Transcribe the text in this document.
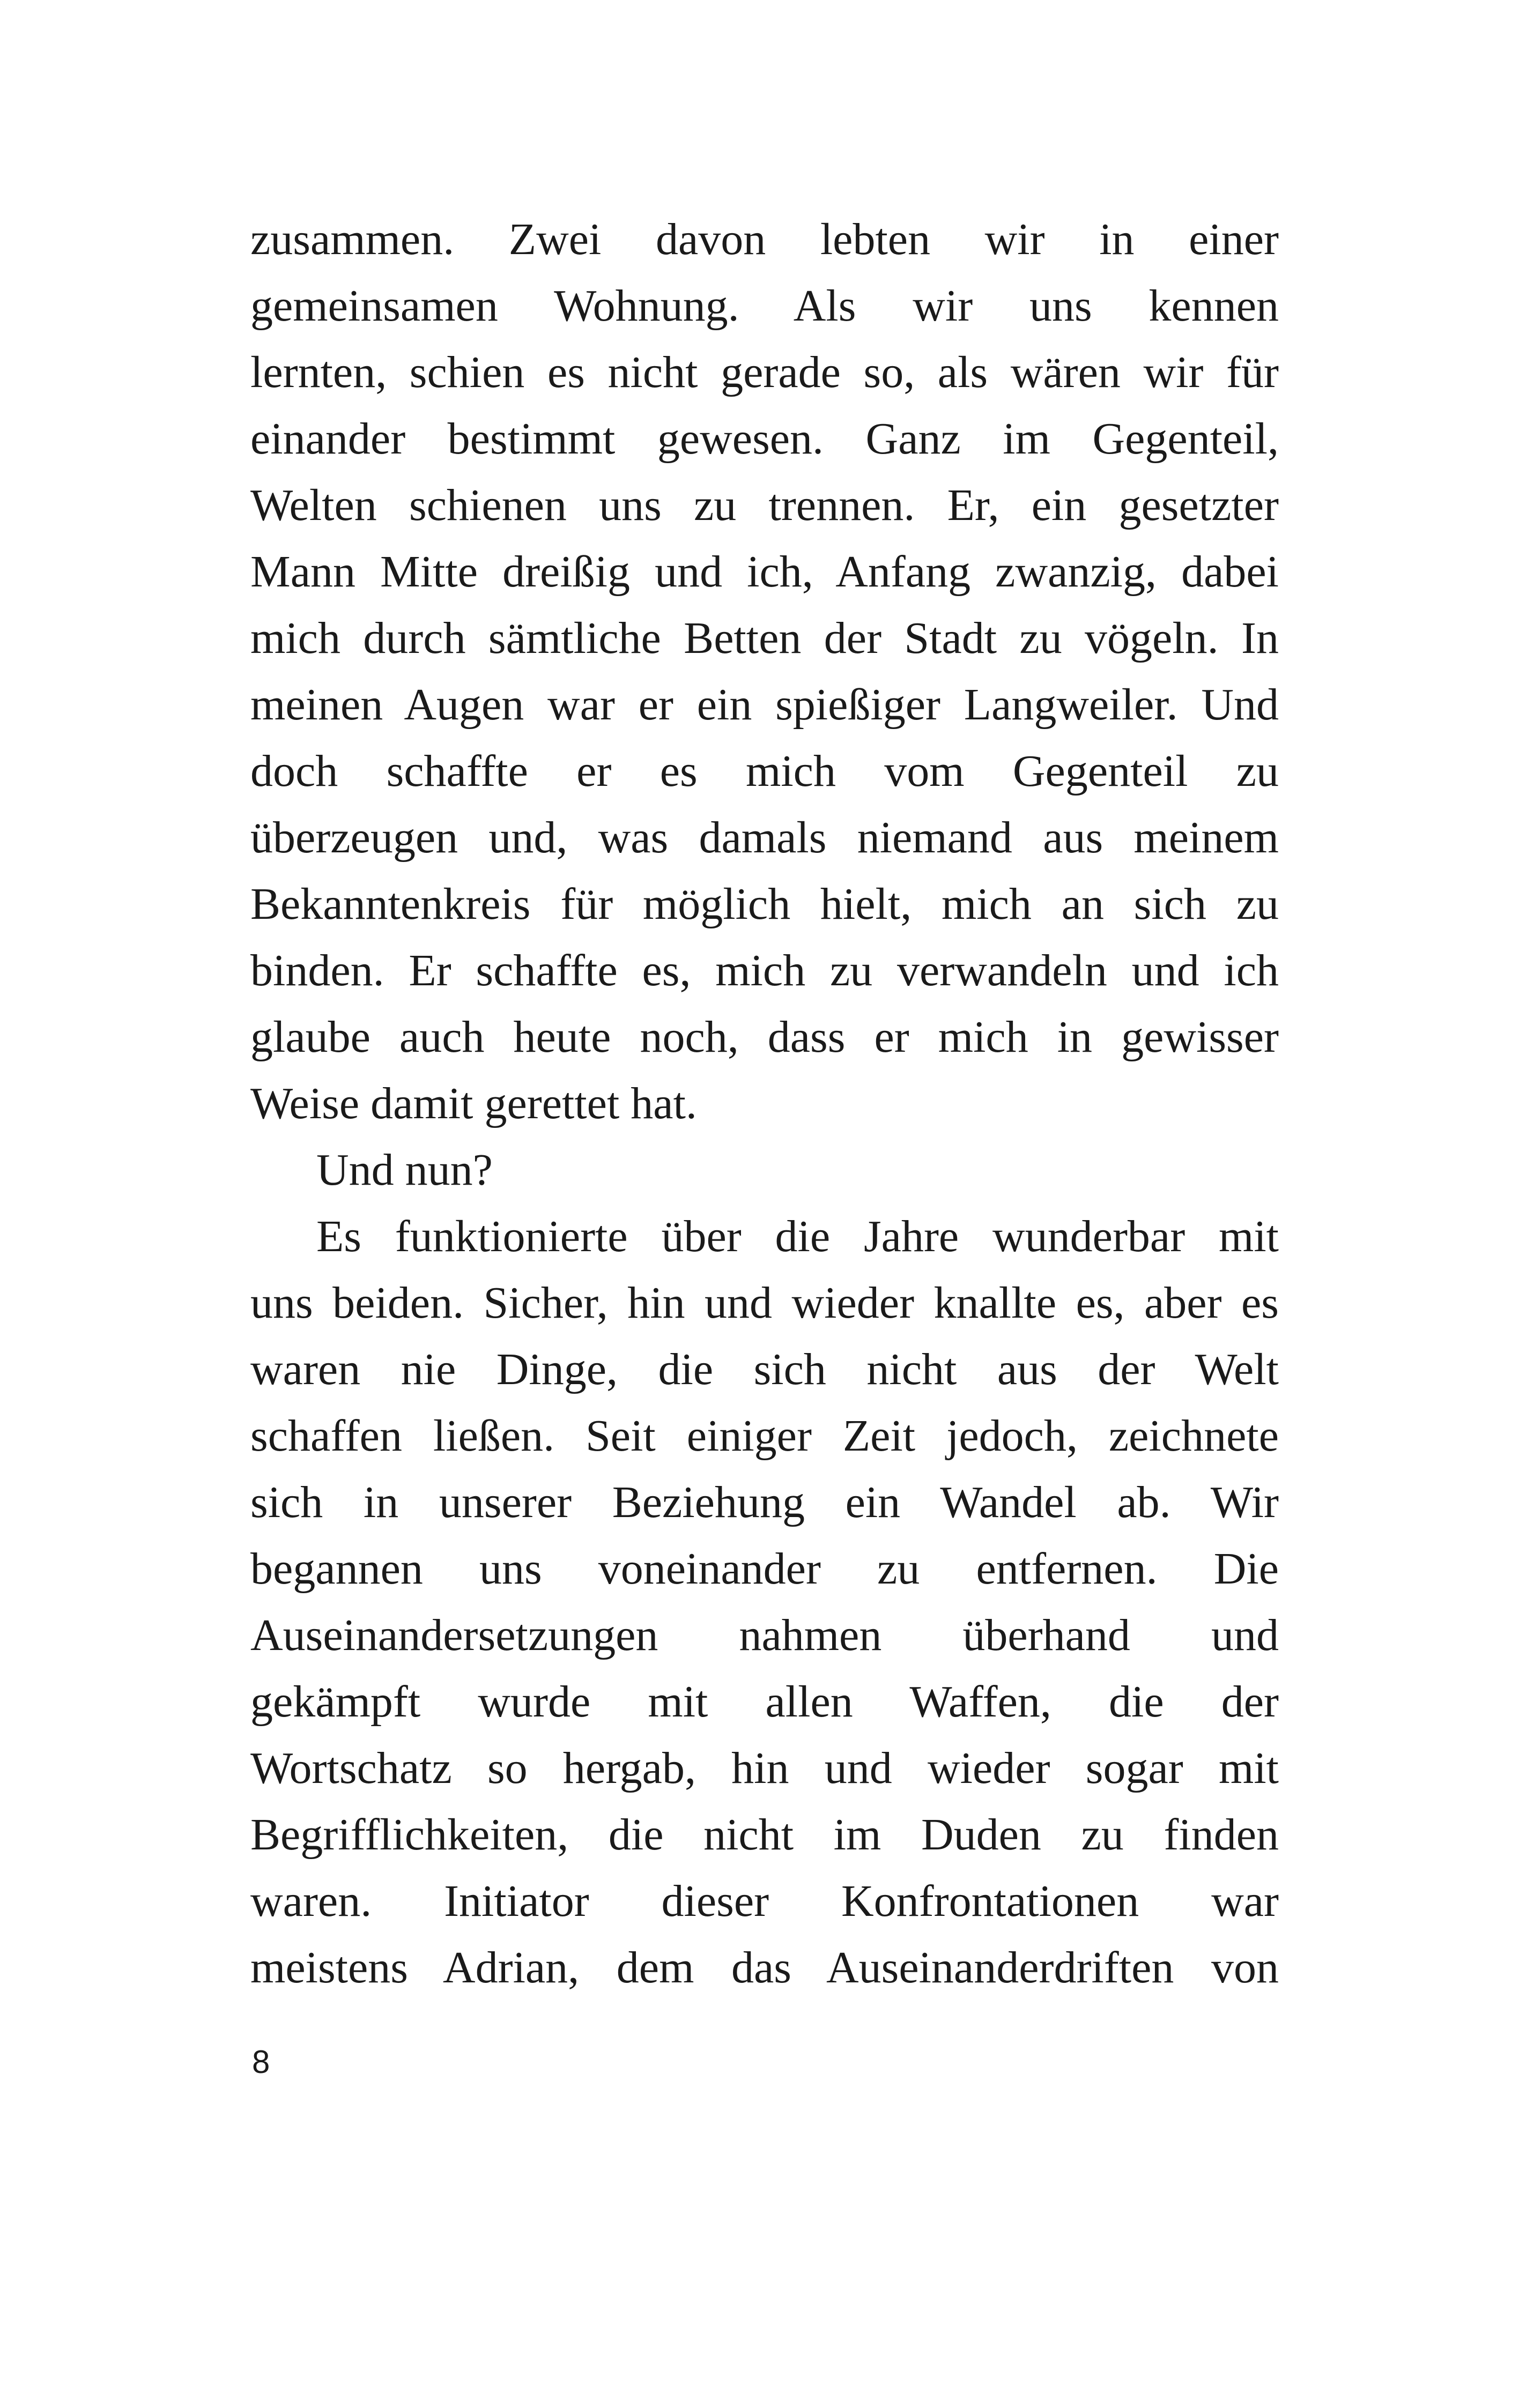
zusammen. Zwei davon lebten wir in einer
gemeinsamen Wohnung. Als wir uns kennen
lernten, schien es nicht gerade so, als wären wir für
einander bestimmt gewesen. Ganz im Gegenteil,
Welten schienen uns zu trennen. Er, ein gesetzter
Mann Mitte dreißig und ich, Anfang zwanzig, dabei
mich durch sämtliche Betten der Stadt zu vögeln. In
meinen Augen war er ein spießiger Langweiler. Und
doch schaffte er es mich vom Gegenteil zu
überzeugen und, was damals niemand aus meinem
Bekanntenkreis für möglich hielt, mich an sich zu
binden. Er schaffte es, mich zu verwandeln und ich
glaube auch heute noch, dass er mich in gewisser
Weise damit gerettet hat.
Und nun?
Es funktionierte über die Jahre wunderbar mit
uns beiden. Sicher, hin und wieder knallte es, aber es
waren nie Dinge, die sich nicht aus der Welt
schaffen ließen. Seit einiger Zeit jedoch, zeichnete
sich in unserer Beziehung ein Wandel ab. Wir
begannen uns voneinander zu entfernen. Die
Auseinandersetzungen nahmen überhand und
gekämpft wurde mit allen Waffen, die der
Wortschatz so hergab, hin und wieder sogar mit
Begrifflichkeiten, die nicht im Duden zu finden
waren. Initiator dieser Konfrontationen war
meistens Adrian, dem das Auseinanderdriften von
8
